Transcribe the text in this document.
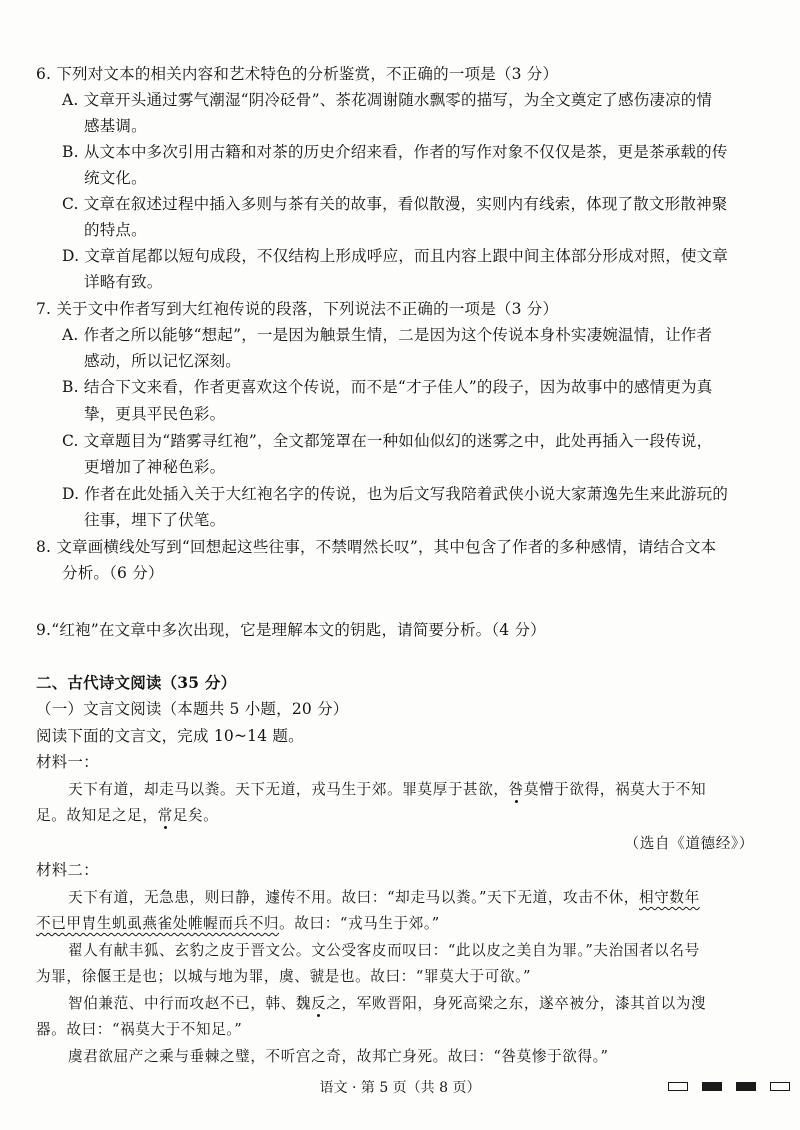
6. 下列对文本的相关内容和艺术特色的分析鉴赏，不正确的一项是（3 分）
A. 文章开头通过雾气潮湿“阴冷砭骨”、茶花凋谢随水飘零的描写，为全文奠定了感伤凄凉的情
感基调。
B. 从文本中多次引用古籍和对茶的历史介绍来看，作者的写作对象不仅仅是茶，更是茶承载的传
统文化。
C. 文章在叙述过程中插入多则与茶有关的故事，看似散漫，实则内有线索，体现了散文形散神聚
的特点。
D. 文章首尾都以短句成段，不仅结构上形成呼应，而且内容上跟中间主体部分形成对照，使文章
详略有致。
7. 关于文中作者写到大红袍传说的段落，下列说法不正确的一项是（3 分）
A. 作者之所以能够“想起”，一是因为触景生情，二是因为这个传说本身朴实凄婉温情，让作者
感动，所以记忆深刻。
B. 结合下文来看，作者更喜欢这个传说，而不是“才子佳人”的段子，因为故事中的感情更为真
挚，更具平民色彩。
C. 文章题目为“踏雾寻红袍”，全文都笼罩在一种如仙似幻的迷雾之中，此处再插入一段传说，
更增加了神秘色彩。
D. 作者在此处插入关于大红袍名字的传说，也为后文写我陪着武侠小说大家萧逸先生来此游玩的
往事，埋下了伏笔。
8. 文章画横线处写到“回想起这些往事，不禁喟然长叹”，其中包含了作者的多种感情，请结合文本
分析。（6 分）
9.“红袍”在文章中多次出现，它是理解本文的钥匙，请简要分析。（4 分）
二、古代诗文阅读（35 分）
（一）文言文阅读（本题共 5 小题，20 分）
阅读下面的文言文，完成 10~14 题。
材料一：
天下有道，却走马以粪。天下无道，戎马生于郊。罪莫厚于甚欲，咎莫懵于欲得，祸莫大于不知
足。故知足之足，常足矣。
（选自《道德经》）
材料二：
天下有道，无急患，则曰静，遽传不用。故曰：“却走马以粪。”天下无道，攻击不休，相守数年
不已甲胄生虮虱燕雀处帷幄而兵不归。故曰：“戎马生于郊。”
翟人有献丰狐、玄豹之皮于晋文公。文公受客皮而叹曰：“此以皮之美自为罪。”夫治国者以名号
为罪，徐偃王是也；以城与地为罪，虞、虢是也。故曰：“罪莫大于可欲。”
智伯兼范、中行而攻赵不已，韩、魏反之，军败晋阳，身死高梁之东，遂卒被分，漆其首以为溲
器。故曰：“祸莫大于不知足。”
虞君欲屈产之乘与垂棘之璧，不听宫之奇，故邦亡身死。故曰：“咎莫惨于欲得。”
语文 · 第 5 页（共 8 页）
